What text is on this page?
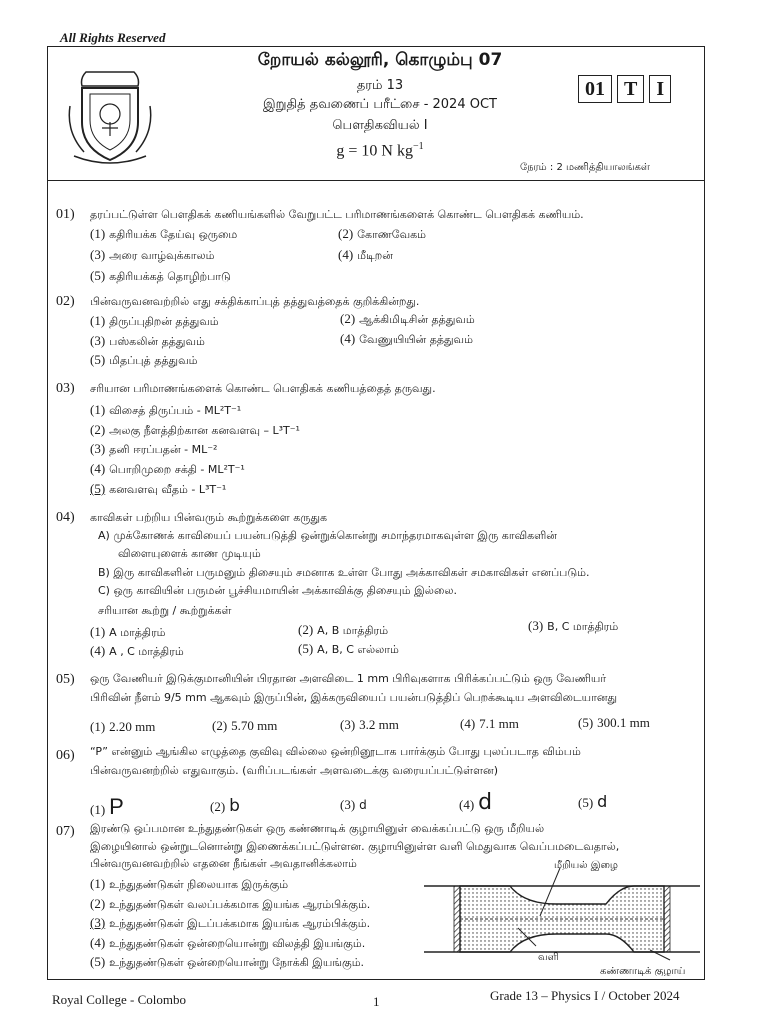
All Rights Reserved
றோயல் கல்லூரி, கொழும்பு 07
தரம் 13
இறுதித் தவணைப் பரீட்சை - 2024 OCT
பௌதிகவியல் I
g = 10 N $kg^{-1}$
01 T I
நேரம் : 2 மணித்தியாலங்கள்
01) தரப்பட்டுள்ள பௌதிகக் கணியங்களில் வேறுபட்ட பரிமாணங்களைக் கொண்ட பௌதிகக் கணியம்.
(1) கதிரியக்க தேய்வு ஒருமை	(2) கோணவேகம்
(3) அரை வாழ்வுக்காலம்	(4) மீடிறன்
(5) கதிரியக்கத் தொழிற்பாடு
02) பின்வருவனவற்றில் எது சக்திக்காப்புத் தத்துவத்தைக் குறிக்கின்றது.
(1) திருப்புதிறன் தத்துவம்	(2) ஆக்கிமிடிசின் தத்துவம்
(3) பஸ்கலின் தத்துவம்	(4) வேணுயியின் தத்துவம்
(5) மிதப்புத் தத்துவம்
03) சரியான பரிமாணங்களைக் கொண்ட பௌதிகக் கணியத்தைத் தருவது.
(1) விசைத் திருப்பம் - ML²T⁻¹
(2) அலகு நீளத்திற்கான கனவளவு – L³T⁻¹
(3) தனி ஈரப்பதன் - ML⁻²
(4) பொறிமுறை சக்தி - ML²T⁻¹
(5) கனவளவு வீதம் - L³T⁻¹
04) காவிகள் பற்றிய பின்வரும் கூற்றுக்களை கருதுக
A) முக்கோணக் காவியைப் பயன்படுத்தி ஒன்றுக்கொன்று சமாந்தரமாகவுள்ள இரு காவிகளின்
விளையுளைக் காண முடியும்
B) இரு காவிகளின் பருமனும் திசையும் சமனாக உள்ள போது அக்காவிகள் சமகாவிகள் எனப்படும்.
C) ஒரு காவியின் பருமன் பூச்சியமாயின் அக்காவிக்கு திசையும் இல்லை.
சரியான கூற்று / கூற்றுக்கள்
(1) A மாத்திரம்	(2) A, B மாத்திரம்	(3) B, C மாத்திரம்
(4) A , C மாத்திரம்	(5) A, B, C எல்லாம்
05) ஒரு வேணியர் இடுக்குமானியின் பிரதான அளவிடை 1 mm பிரிவுகளாக பிரிக்கப்பட்டும் ஒரு வேணியர்
பிரிவின் நீளம் 9/5 mm ஆகவும் இருப்பின், இக்கருவியைப் பயன்படுத்திப் பெறக்கூடிய அளவிடையானது
(1) 2.20 mm	(2) 5.70 mm	(3) 3.2 mm	(4) 7.1 mm	(5) 300.1 mm
06) “P” என்னும் ஆங்கில எழுத்தை குவிவு வில்லை ஒன்றினூடாக பார்க்கும் போது புலப்படாத விம்பம்
பின்வருவனற்றில் எதுவாகும். (வரிப்படங்கள் அளவடைக்கு வரையப்பட்டுள்ளன)
(1) P	(2) b	(3) d	(4) d	(5) d
07) இரண்டு ஒப்பமான உந்துதண்டுகள் ஒரு கண்ணாடிக் குழாயினுள் வைக்கப்பட்டு ஒரு மீறியல்
இழையினால் ஒன்றுடனொன்று இணைக்கப்பட்டுள்ளன. குழாயினுள்ள வளி மெதுவாக வெப்பமடைவதால்,
பின்வருவனவற்றில் எதனை நீங்கள் அவதானிக்கலாம்
(1) உந்துதண்டுகள் நிலையாக இருக்கும்
(2) உந்துதண்டுகள் வலப்பக்கமாக இயங்க ஆரம்பிக்கும்.
(3) உந்துதண்டுகள் இடப்பக்கமாக இயங்க ஆரம்பிக்கும்.
(4) உந்துதண்டுகள் ஒன்றையொன்று விலத்தி இயங்கும்.
(5) உந்துதண்டுகள் ஒன்றையொன்று நோக்கி இயங்கும்.
மீறியல் இழை
வளி
கண்ணாடிக் குழாய்
Royal College - Colombo	1	Grade 13 – Physics I / October 2024
